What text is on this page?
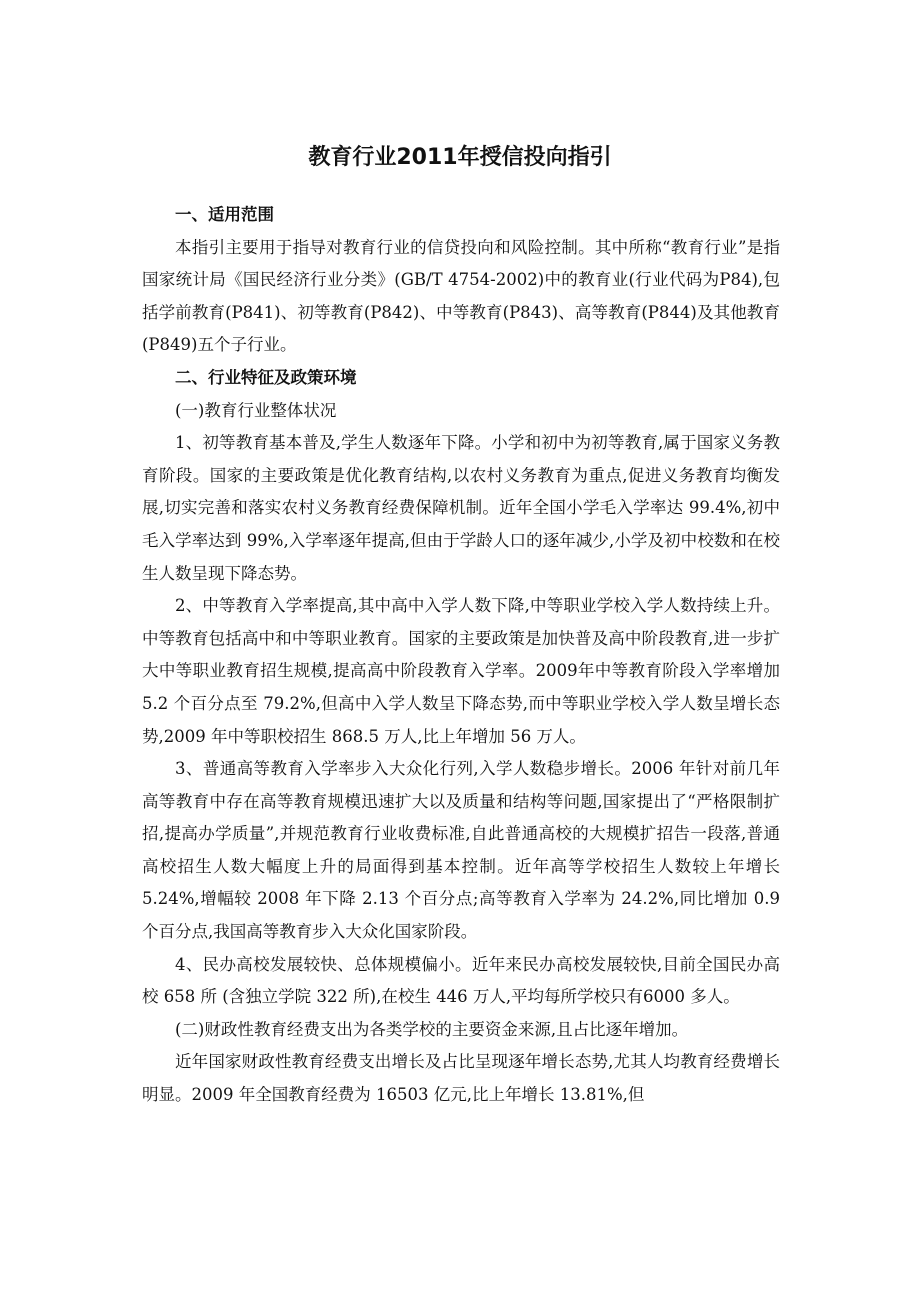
教育行业2011年授信投向指引

一、适用范围

本指引主要用于指导对教育行业的信贷投向和风险控制。其中所称“教育行业”是指国家统计局《国民经济行业分类》(GB/T 4754-2002)中的教育业(行业代码为P84),包括学前教育(P841)、初等教育(P842)、中等教育(P843)、高等教育(P844)及其他教育(P849)五个子行业。

二、行业特征及政策环境

(一)教育行业整体状况

1、初等教育基本普及,学生人数逐年下降。小学和初中为初等教育,属于国家义务教育阶段。国家的主要政策是优化教育结构,以农村义务教育为重点,促进义务教育均衡发展,切实完善和落实农村义务教育经费保障机制。近年全国小学毛入学率达 99.4%,初中毛入学率达到 99%,入学率逐年提高,但由于学龄人口的逐年减少,小学及初中校数和在校生人数呈现下降态势。

2、中等教育入学率提高,其中高中入学人数下降,中等职业学校入学人数持续上升。中等教育包括高中和中等职业教育。国家的主要政策是加快普及高中阶段教育,进一步扩大中等职业教育招生规模,提高高中阶段教育入学率。2009年中等教育阶段入学率增加 5.2 个百分点至 79.2%,但高中入学人数呈下降态势,而中等职业学校入学人数呈增长态势,2009 年中等职校招生 868.5 万人,比上年增加 56 万人。

3、普通高等教育入学率步入大众化行列,入学人数稳步增长。2006 年针对前几年高等教育中存在高等教育规模迅速扩大以及质量和结构等问题,国家提出了“严格限制扩招,提高办学质量”,并规范教育行业收费标准,自此普通高校的大规模扩招告一段落,普通高校招生人数大幅度上升的局面得到基本控制。近年高等学校招生人数较上年增长 5.24%,增幅较 2008 年下降 2.13 个百分点;高等教育入学率为 24.2%,同比增加 0.9 个百分点,我国高等教育步入大众化国家阶段。

4、民办高校发展较快、总体规模偏小。近年来民办高校发展较快,目前全国民办高校 658 所 (含独立学院 322 所),在校生 446 万人,平均每所学校只有6000 多人。

(二)财政性教育经费支出为各类学校的主要资金来源,且占比逐年增加。

近年国家财政性教育经费支出增长及占比呈现逐年增长态势,尤其人均教育经费增长明显。2009 年全国教育经费为 16503 亿元,比上年增长 13.81%,但
